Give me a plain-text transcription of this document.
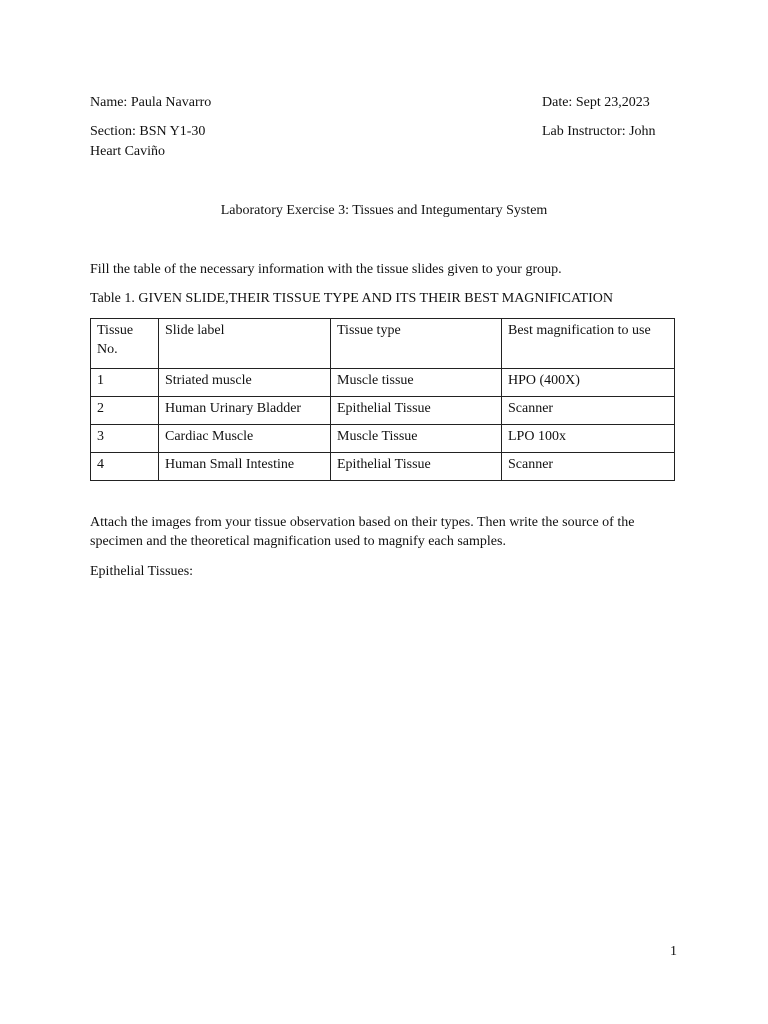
Name: Paula Navarro	Date: Sept 23,2023
Section: BSN Y1-30	Lab Instructor: John
Heart Caviño
Laboratory Exercise 3: Tissues and Integumentary System
Fill the table of the necessary information with the tissue slides given to your group.
Table 1. GIVEN SLIDE,THEIR TISSUE TYPE AND ITS THEIR BEST MAGNIFICATION
Tissue No.	Slide label	Tissue type	Best magnification to use
1	Striated muscle	Muscle tissue	HPO (400X)
2	Human Urinary Bladder	Epithelial Tissue	Scanner
3	Cardiac Muscle	Muscle Tissue	LPO 100x
4	Human Small Intestine	Epithelial Tissue	Scanner
Attach the images from your tissue observation based on their types. Then write the source of the specimen and the theoretical magnification used to magnify each samples.
Epithelial Tissues:
1
